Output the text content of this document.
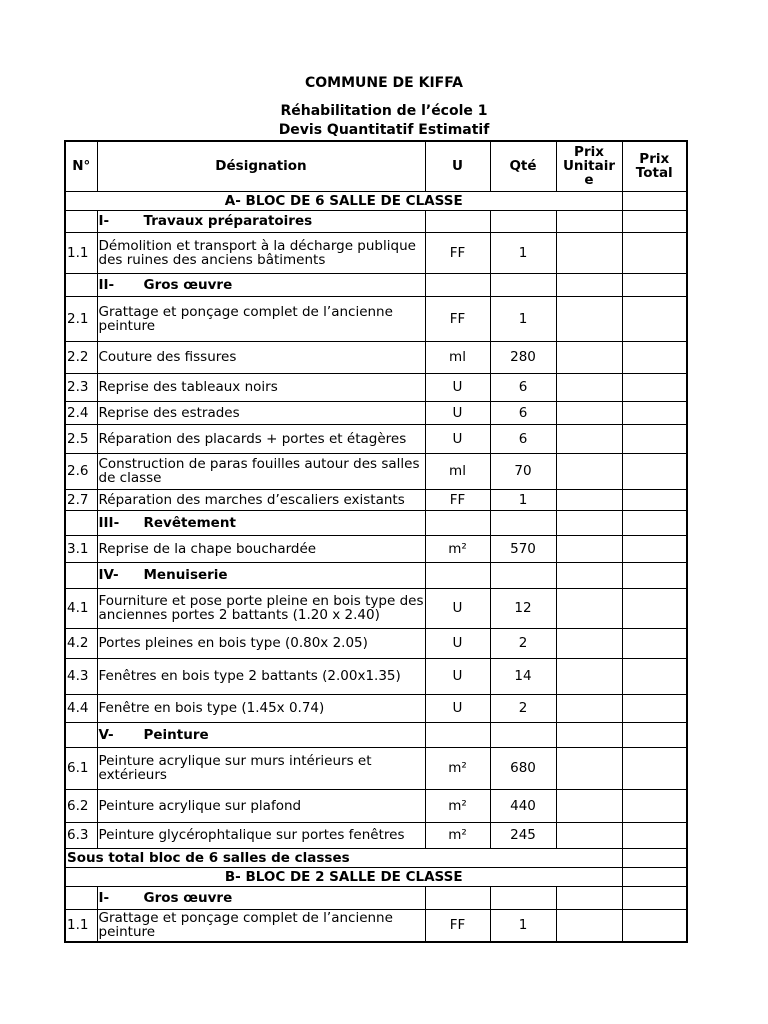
COMMUNE DE KIFFA
Réhabilitation de l’école 1
Devis Quantitatif Estimatif
N°	Désignation	U	Qté	Prix Unitair e	Prix Total
A- BLOC DE 6 SALLE DE CLASSE					
	I- Travaux préparatoires				
1.1	Démolition et transport à la décharge publique des ruines des anciens bâtiments	FF	1		
	II- Gros œuvre				
2.1	Grattage et ponçage complet de l’ancienne peinture	FF	1		
2.2	Couture des fissures	ml	280		
2.3	Reprise des tableaux noirs	U	6		
2.4	Reprise des estrades	U	6		
2.5	Réparation des placards + portes et étagères	U	6		
2.6	Construction de paras fouilles autour des salles de classe	ml	70		
2.7	Réparation des marches d’escaliers existants	FF	1		
	III- Revêtement				
3.1	Reprise de la chape bouchardée	m²	570		
	IV- Menuiserie				
4.1	Fourniture et pose porte pleine en bois type des anciennes portes 2 battants (1.20 x 2.40)	U	12		
4.2	Portes pleines en bois type (0.80x 2.05)	U	2		
4.3	Fenêtres en bois type 2 battants (2.00x1.35)	U	14		
4.4	Fenêtre en bois type (1.45x 0.74)	U	2		
	V- Peinture				
6.1	Peinture acrylique sur murs intérieurs et extérieurs	m²	680		
6.2	Peinture acrylique sur plafond	m²	440		
6.3	Peinture glycérophtalique sur portes fenêtres	m²	245		
Sous total bloc de 6 salles de classes					
B- BLOC DE 2 SALLE DE CLASSE					
	I- Gros œuvre				
1.1	Grattage et ponçage complet de l’ancienne peinture	FF	1		
